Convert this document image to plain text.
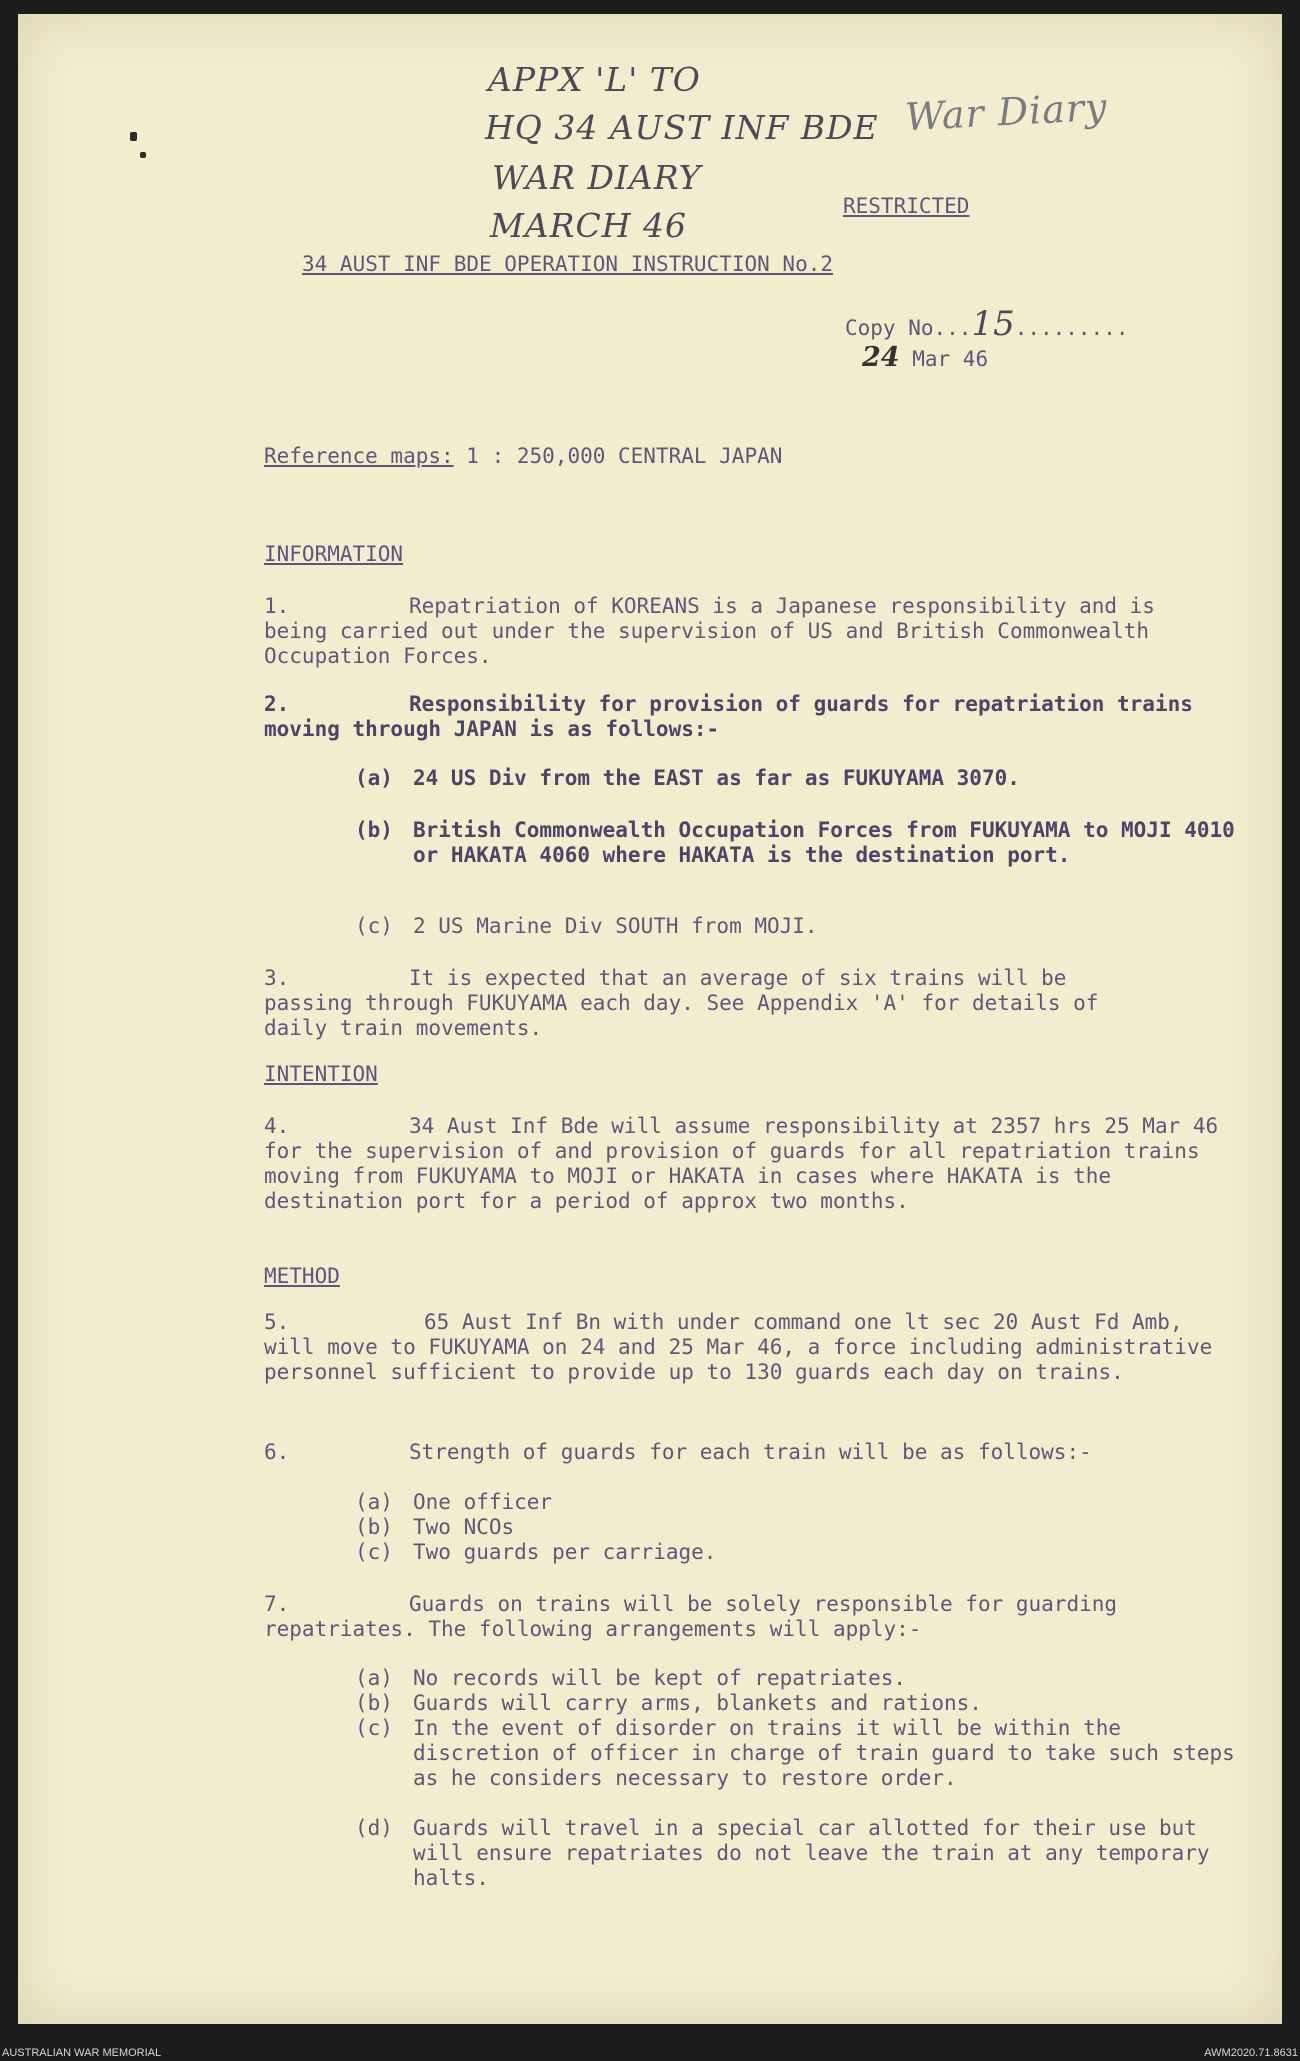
APPX 'L' TO
HQ 34 AUST INF BDE
WAR DIARY
MARCH 46
War Diary
RESTRICTED
34 AUST INF BDE OPERATION INSTRUCTION No.2
Copy No...15.........
24 Mar 46
Reference maps: 1 : 250,000 CENTRAL JAPAN
INFORMATION
1.	Repatriation of KOREANS is a Japanese responsibility and is being carried out under the supervision of US and British Commonwealth Occupation Forces.
2.	Responsibility for provision of guards for repatriation trains moving through JAPAN is as follows:-
(a) 24 US Div from the EAST as far as FUKUYAMA 3070.
(b) British Commonwealth Occupation Forces from FUKUYAMA to MOJI 4010 or HAKATA 4060 where HAKATA is the destination port.
(c) 2 US Marine Div SOUTH from MOJI.
3.	It is expected that an average of six trains will be passing through FUKUYAMA each day. See Appendix 'A' for details of daily train movements.
INTENTION
4.	34 Aust Inf Bde will assume responsibility at 2357 hrs 25 Mar 46 for the supervision of and provision of guards for all repatriation trains moving from FUKUYAMA to MOJI or HAKATA in cases where HAKATA is the destination port for a period of approx two months.
METHOD
5.	65 Aust Inf Bn with under command one lt sec 20 Aust Fd Amb, will move to FUKUYAMA on 24 and 25 Mar 46, a force including administrative personnel sufficient to provide up to 130 guards each day on trains.
6.	Strength of guards for each train will be as follows:-
(a) One officer
(b) Two NCOs
(c) Two guards per carriage.
7.	Guards on trains will be solely responsible for guarding repatriates. The following arrangements will apply:-
(a) No records will be kept of repatriates.
(b) Guards will carry arms, blankets and rations.
(c) In the event of disorder on trains it will be within the discretion of officer in charge of train guard to take such steps as he considers necessary to restore order.
(d) Guards will travel in a special car allotted for their use but will ensure repatriates do not leave the train at any temporary halts.
AUSTRALIAN WAR MEMORIAL	AWM2020.71.8631
